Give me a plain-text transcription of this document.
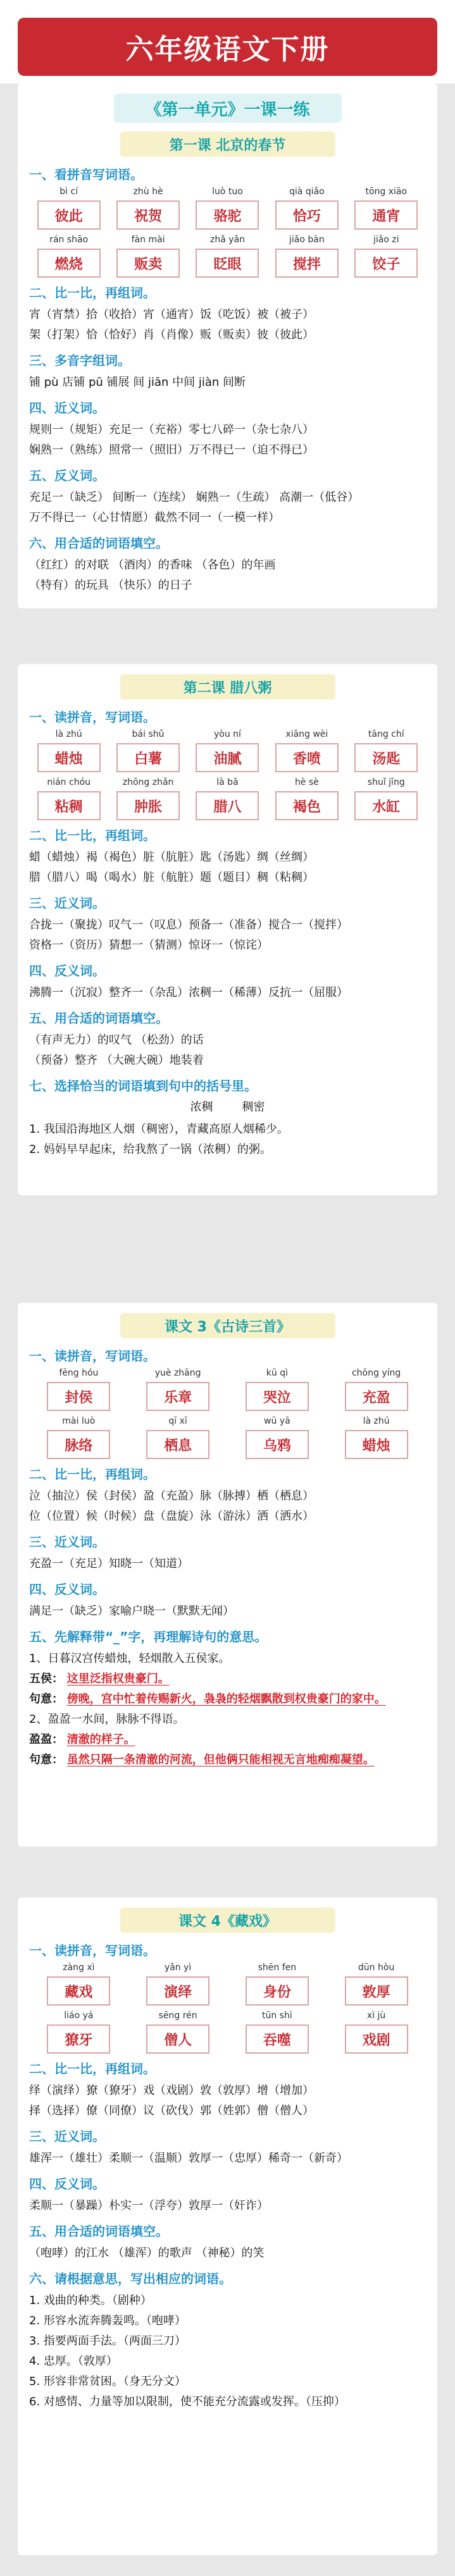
六年级语文下册
《第一单元》一课一练
第一课 北京的春节
一、看拼音写词语。
bì cí	zhù hè	luò tuo	qià qiǎo	tōng xiāo
彼此	祝贺	骆驼	恰巧	通宵
rán shāo	fàn mài	zhǎ yǎn	jiǎo bàn	jiǎo zi
燃烧	贩卖	眨眼	搅拌	饺子
二、比一比，再组词。
宵（宵禁）拾（收拾）宵（通宵）饭（吃饭）被（被子）
架（打架）恰（恰好）肖（肖像）贩（贩卖）彼（彼此）
三、多音字组词。
铺 pù 店铺 pū 铺展 间 jiān 中间 jiàn 间断
四、近义词。
规则一（规矩）充足一（充裕）零七八碎一（杂七杂八）
娴熟一（熟练）照常一（照旧）万不得已一（迫不得已）
五、反义词。
充足一（缺乏） 间断一（连续） 娴熟一（生疏） 高潮一（低谷）
万不得已一（心甘情愿）截然不同一（一模一样）
六、用合适的词语填空。
（红红）的对联 （酒肉）的香味 （各色）的年画
（特有）的玩具 （快乐）的日子
第二课 腊八粥
一、读拼音，写词语。
là zhú	bái shǔ	yòu ní	xiāng wèi	tāng chí
蜡烛	白薯	油腻	香喷	汤匙
nián chóu	zhōng zhǎn	là bā	hè sè	shuǐ jīng
粘稠	肿胀	腊八	褐色	水缸
二、比一比，再组词。
蜡（蜡烛）褐（褐色）脏（肮脏）匙（汤匙）绸（丝绸）
腊（腊八）喝（喝水）脏（航脏）题（题目）稠（粘稠）
三、近义词。
合拢一（聚拢）叹气一（叹息）预备一（准备）搅合一（搅拌）
资格一（资历）猜想一（猜测）惊讶一（惊诧）
四、反义词。
沸腾一（沉寂）整齐一（杂乱）浓稠一（稀薄）反抗一（屈服）
五、用合适的词语填空。
（有声无力）的叹气 （松劲）的话
（预备）整齐 （大碗大碗）地装着
七、选择恰当的词语填到句中的括号里。
浓稠	稠密
1. 我国沿海地区人烟（稠密），青藏高原人烟稀少。
2. 妈妈早早起床，给我熬了一锅（浓稠）的粥。
课文 3《古诗三首》
一、读拼音，写词语。
fēng hóu	yuè zhāng	kū qì	chōng yíng
封侯	乐章	哭泣	充盈
mài luò	qī xī	wū yā	là zhú
脉络	栖息	乌鸦	蜡烛
二、比一比，再组词。
泣（抽泣）侯（封侯）盈（充盈）脉（脉搏）栖（栖息）
位（位置）候（时候）盘（盘旋）泳（游泳）洒（洒水）
三、近义词。
充盈一（充足）知晓一（知道）
四、反义词。
满足一（缺乏）家喻户晓一（默默无闻）
五、先解释带“_”字，再理解诗句的意思。
1、日暮汉宫传蜡烛，轻烟散入五侯家。
五侯： 这里泛指权贵豪门。
句意： 傍晚，宫中忙着传赐新火，袅袅的轻烟飘散到权贵豪门的家中。
2、盈盈一水间，脉脉不得语。
盈盈： 清澈的样子。
句意： 虽然只隔一条清澈的河流，但他俩只能相视无言地痴痴凝望。
课文 4《藏戏》
一、读拼音，写词语。
zàng xì	yǎn yì	shēn fen	dūn hòu
藏戏	演绎	身份	敦厚
liáo yá	sēng rén	tūn shì	xì jù
獠牙	僧人	吞噬	戏剧
二、比一比，再组词。
绎（演绎）獠（獠牙）戏（戏剧）敦（敦厚）增（增加）
择（选择）僚（同僚）议（砍伐）郭（姓郭）僧（僧人）
三、近义词。
雄浑一（雄壮）柔顺一（温顺）敦厚一（忠厚）稀奇一（新奇）
四、反义词。
柔顺一（暴躁）朴实一（浮夸）敦厚一（奸诈）
五、用合适的词语填空。
（咆哮）的江水 （雄浑）的歌声 （神秘）的笑
六、请根据意思，写出相应的词语。
1. 戏曲的种类。（剧种）
2. 形容水流奔腾轰鸣。（咆哮）
3. 指要两面手法。（两面三刀）
4. 忠厚。（敦厚）
5. 形容非常贫困。（身无分文）
6. 对感情、力量等加以限制，使不能充分流露或发挥。（压抑）
